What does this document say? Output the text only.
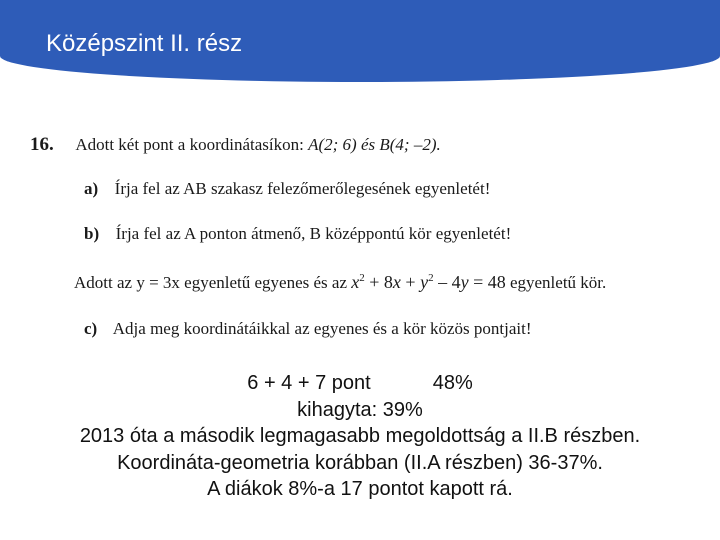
Középszint II. rész
16. Adott két pont a koordinátasíkon: A(2; 6) és B(4; –2).
a) Írja fel az AB szakasz felezőmerőlegesének egyenletét!
b) Írja fel az A ponton átmenő, B középpontú kör egyenletét!
Adott az y = 3x egyenletű egyenes és az $x^2 + 8x + y^2 - 4y = 48$ egyenletű kör.
c) Adja meg koordinátáikkal az egyenes és a kör közös pontjait!
6 + 4 + 7 pont	48%
kihagyta: 39%
2013 óta a második legmagasabb megoldottság a II.B részben.
Koordináta-geometria korábban (II.A részben) 36-37%.
A diákok 8%-a 17 pontot kapott rá.
